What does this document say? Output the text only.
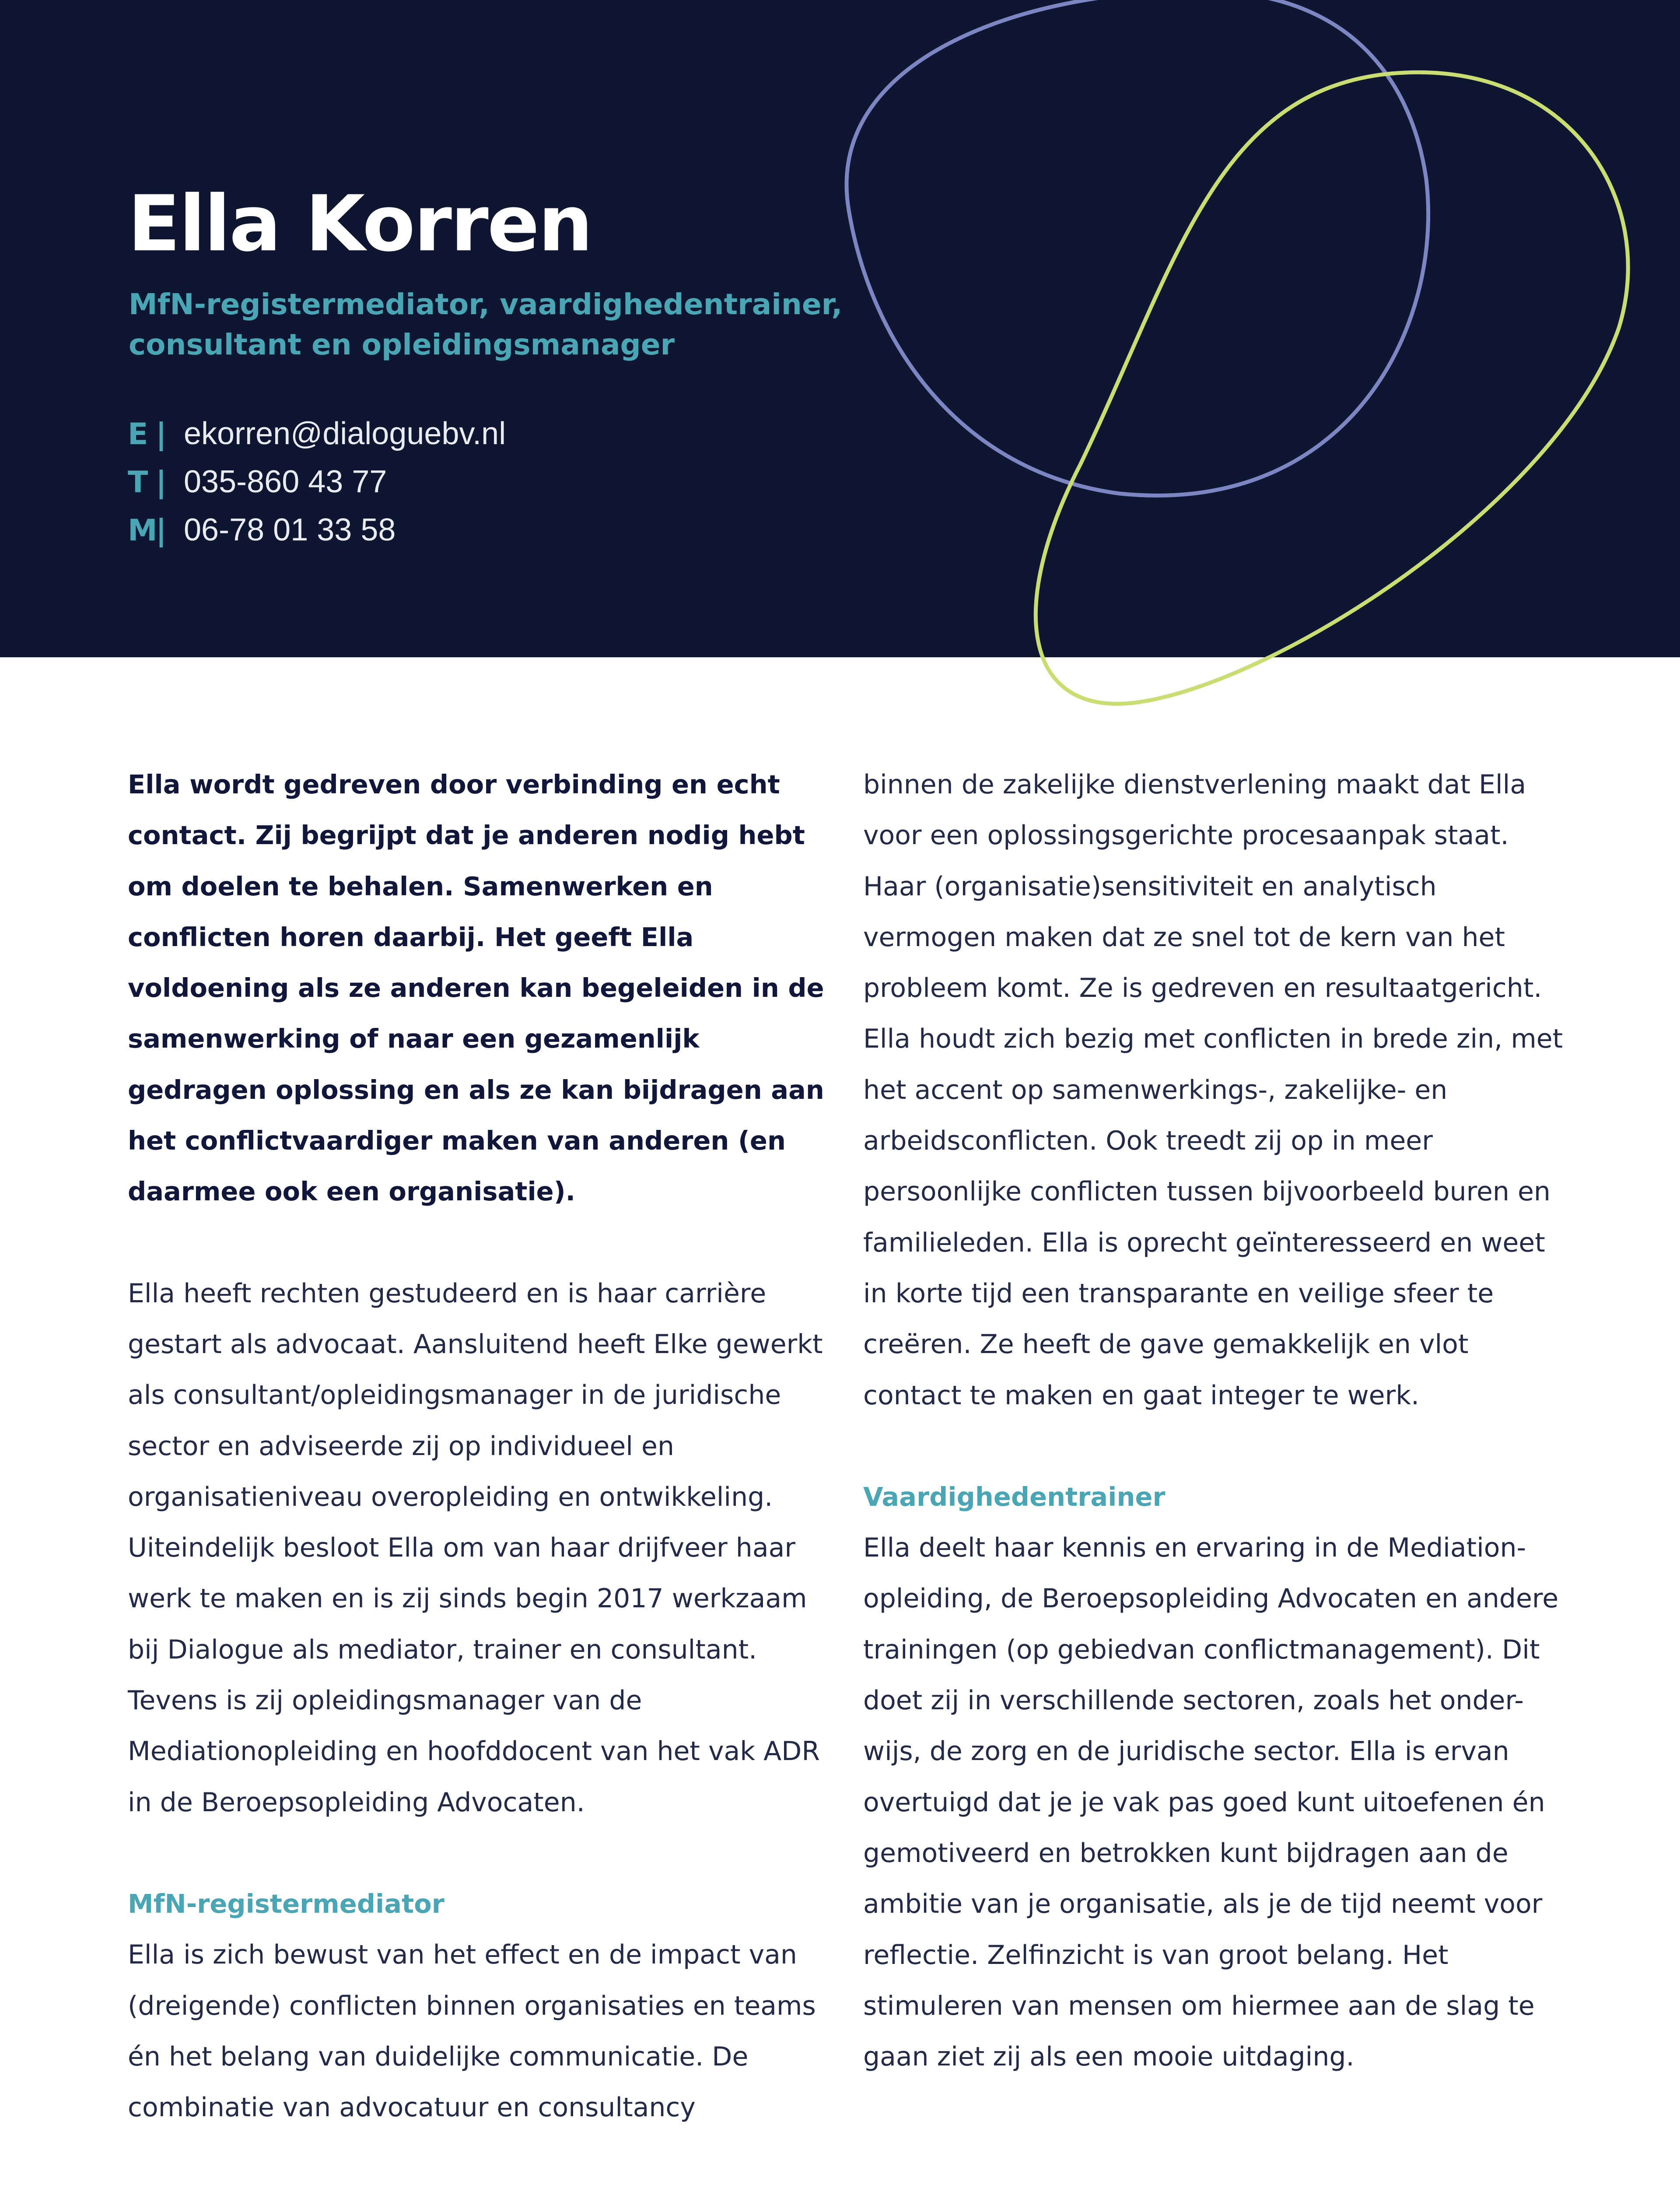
Ella Korren

MfN-registermediator, vaardighedentrainer, consultant en opleidingsmanager

E | ekorren@dialoguebv.nl
T | 035-860 43 77
M
| 06-78 01 33 58

Ella wordt gedreven door verbinding en echt contact. Zij begrijpt dat je anderen nodig hebt om doelen te behalen. Samenwerken en conflicten horen daarbij. Het geeft Ella voldoening als ze anderen kan begeleiden in de samenwerking of naar een gezamenlijk gedragen oplossing en als ze kan bijdragen aan het conflictvaardiger maken van anderen (en daarmee ook een organisatie).

Ella heeft rechten gestudeerd en is haar carrière gestart als advocaat. Aansluitend heeft Elke gewerkt als consultant/opleidingsmanager in de juridische sector en adviseerde zij op individueel en organisatieniveau overopleiding en ontwikkeling. Uiteindelijk besloot Ella om van haar drijfveer haar werk te maken en is zij sinds begin 2017 werkzaam bij Dialogue als mediator, trainer en consultant. Tevens is zij opleidingsmanager van de Mediationopleiding en hoofddocent van het vak ADR in de Beroepsopleiding Advocaten.

MfN-registermediator

Ella is zich bewust van het effect en de impact van (dreigende) conflicten binnen organisaties en teams én het belang van duidelijke communicatie. De combinatie van advocatuur en consultancy

binnen de zakelijke dienstverlening maakt dat Ella voor een oplossingsgerichte procesaanpak staat. Haar (organisatie)sensitiviteit en analytisch vermogen maken dat ze snel tot de kern van het probleem komt. Ze is gedreven en resultaatgericht. Ella houdt zich bezig met conflicten in brede zin, met het accent op samenwerkings-, zakelijke- en arbeidsconflicten. Ook treedt zij op in meer persoonlijke conflicten tussen bijvoorbeeld buren en familieleden. Ella is oprecht geïnteresseerd en weet in korte tijd een transparante en veilige sfeer te creëren. Ze heeft de gave gemakkelijk en vlot contact te maken en gaat integer te werk.

Vaardighedentrainer

Ella deelt haar kennis en ervaring in de Mediation-opleiding, de Beroepsopleiding Advocaten en andere trainingen (op gebiedvan conflictmanagement). Dit doet zij in verschillende sectoren, zoals het onder-wijs, de zorg en de juridische sector. Ella is ervan overtuigd dat je je vak pas goed kunt uitoefenen én gemotiveerd en betrokken kunt bijdragen aan de ambitie van je organisatie, als je de tijd neemt voor reflectie. Zelfinzicht is van groot belang. Het stimuleren van mensen om hiermee aan de slag te gaan ziet zij als een mooie uitdaging.
